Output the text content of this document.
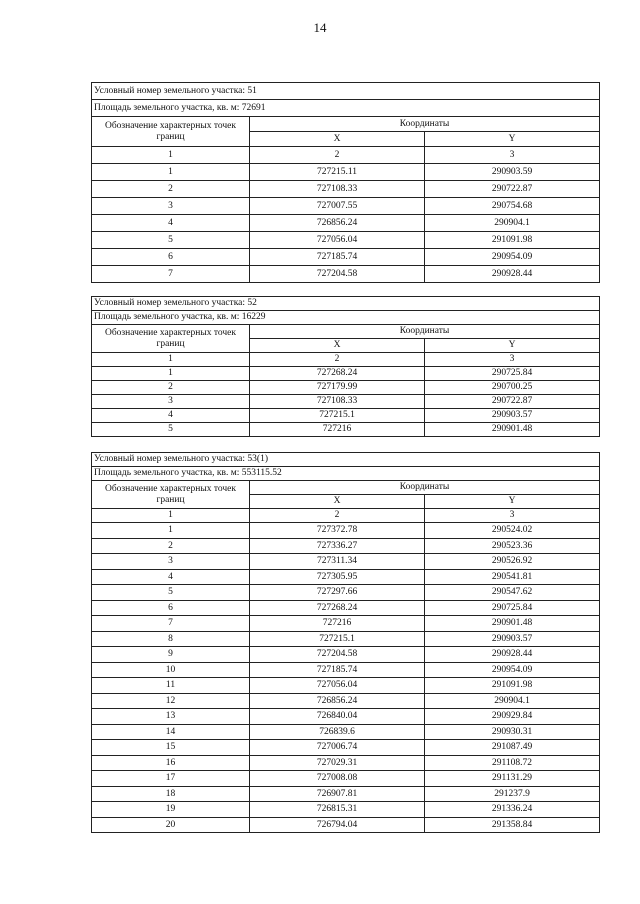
14
Условный номер земельного участка: 51		
Площадь земельного участка, кв. м: 72691		
Обозначение характерных точек границ	Координаты	
	X	Y
1	2	3
1	727215.11	290903.59
2	727108.33	290722.87
3	727007.55	290754.68
4	726856.24	290904.1
5	727056.04	291091.98
6	727185.74	290954.09
7	727204.58	290928.44
Условный номер земельного участка: 52		
Площадь земельного участка, кв. м: 16229		
Обозначение характерных точек границ	Координаты	
	X	Y
1	2	3
1	727268.24	290725.84
2	727179.99	290700.25
3	727108.33	290722.87
4	727215.1	290903.57
5	727216	290901.48
Условный номер земельного участка: 53(1)		
Площадь земельного участка, кв. м: 553115.52		
Обозначение характерных точек границ	Координаты	
	X	Y
1	2	3
1	727372.78	290524.02
2	727336.27	290523.36
3	727311.34	290526.92
4	727305.95	290541.81
5	727297.66	290547.62
6	727268.24	290725.84
7	727216	290901.48
8	727215.1	290903.57
9	727204.58	290928.44
10	727185.74	290954.09
11	727056.04	291091.98
12	726856.24	290904.1
13	726840.04	290929.84
14	726839.6	290930.31
15	727006.74	291087.49
16	727029.31	291108.72
17	727008.08	291131.29
18	726907.81	291237.9
19	726815.31	291336.24
20	726794.04	291358.84
